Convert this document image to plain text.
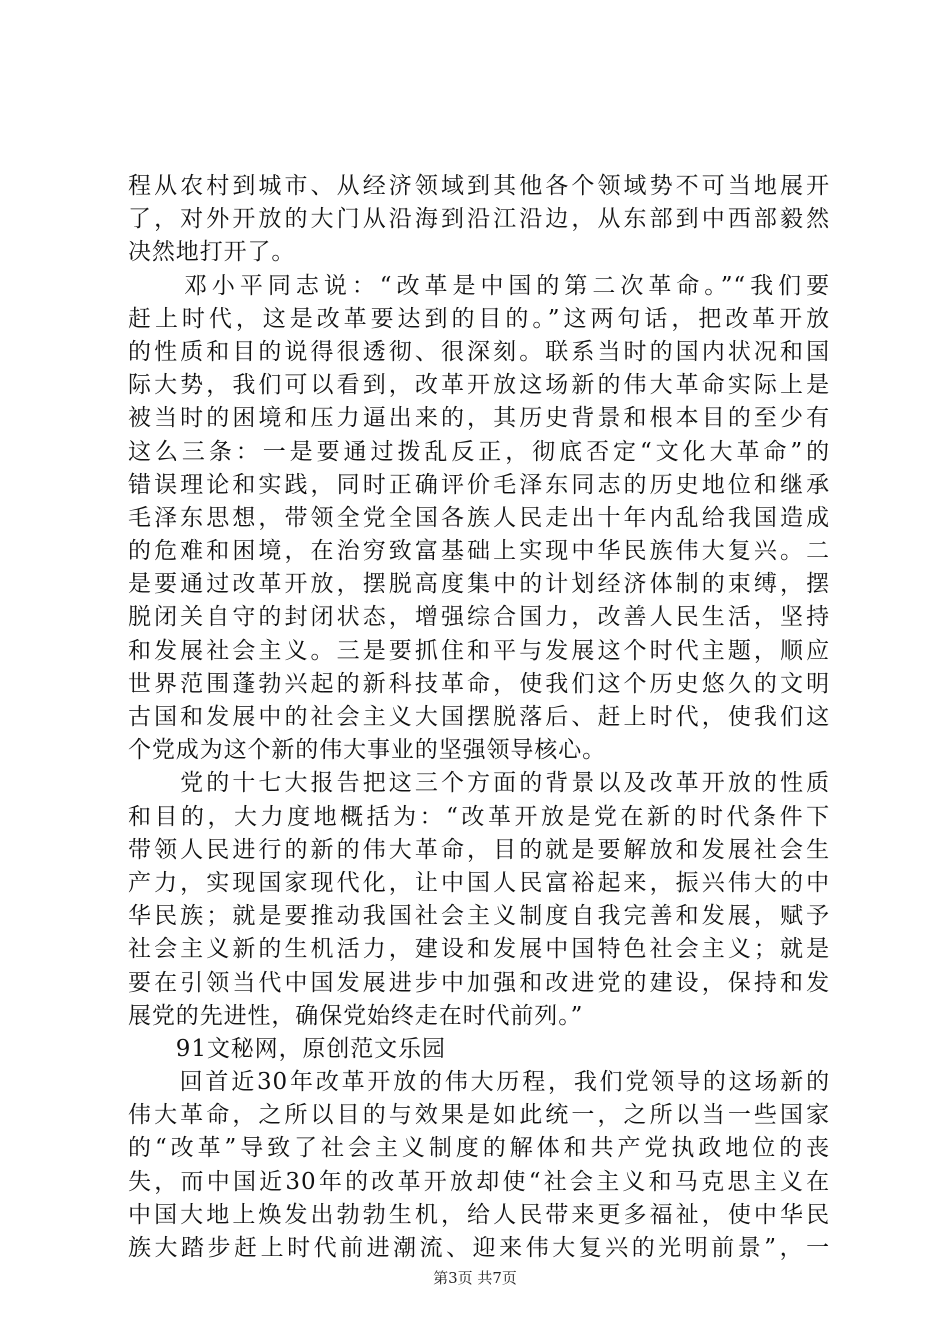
程从农村到城市、从经济领域到其他各个领域势不可当地展开
了，对外开放的大门从沿海到沿江沿边，从东部到中西部毅然
决然地打开了。
　　邓小平同志说：“改革是中国的第二次革命。”“我们要
赶上时代，这是改革要达到的目的。”这两句话，把改革开放
的性质和目的说得很透彻、很深刻。联系当时的国内状况和国
际大势，我们可以看到，改革开放这场新的伟大革命实际上是
被当时的困境和压力逼出来的，其历史背景和根本目的至少有
这么三条：一是要通过拨乱反正，彻底否定“文化大革命”的
错误理论和实践，同时正确评价毛泽东同志的历史地位和继承
毛泽东思想，带领全党全国各族人民走出十年内乱给我国造成
的危难和困境，在治穷致富基础上实现中华民族伟大复兴。二
是要通过改革开放，摆脱高度集中的计划经济体制的束缚，摆
脱闭关自守的封闭状态，增强综合国力，改善人民生活，坚持
和发展社会主义。三是要抓住和平与发展这个时代主题，顺应
世界范围蓬勃兴起的新科技革命，使我们这个历史悠久的文明
古国和发展中的社会主义大国摆脱落后、赶上时代，使我们这
个党成为这个新的伟大事业的坚强领导核心。
　　党的十七大报告把这三个方面的背景以及改革开放的性质
和目的，大力度地概括为：“改革开放是党在新的时代条件下
带领人民进行的新的伟大革命，目的就是要解放和发展社会生
产力，实现国家现代化，让中国人民富裕起来，振兴伟大的中
华民族；就是要推动我国社会主义制度自我完善和发展，赋予
社会主义新的生机活力，建设和发展中国特色社会主义；就是
要在引领当代中国发展进步中加强和改进党的建设，保持和发
展党的先进性，确保党始终走在时代前列。”
　　91文秘网，原创范文乐园
　　回首近30年改革开放的伟大历程，我们党领导的这场新的
伟大革命，之所以目的与效果是如此统一，之所以当一些国家
的“改革”导致了社会主义制度的解体和共产党执政地位的丧
失，而中国近30年的改革开放却使“社会主义和马克思主义在
中国大地上焕发出勃勃生机，给人民带来更多福祉，使中华民
族大踏步赶上时代前进潮流、迎来伟大复兴的光明前景”，一
第3页 共7页
